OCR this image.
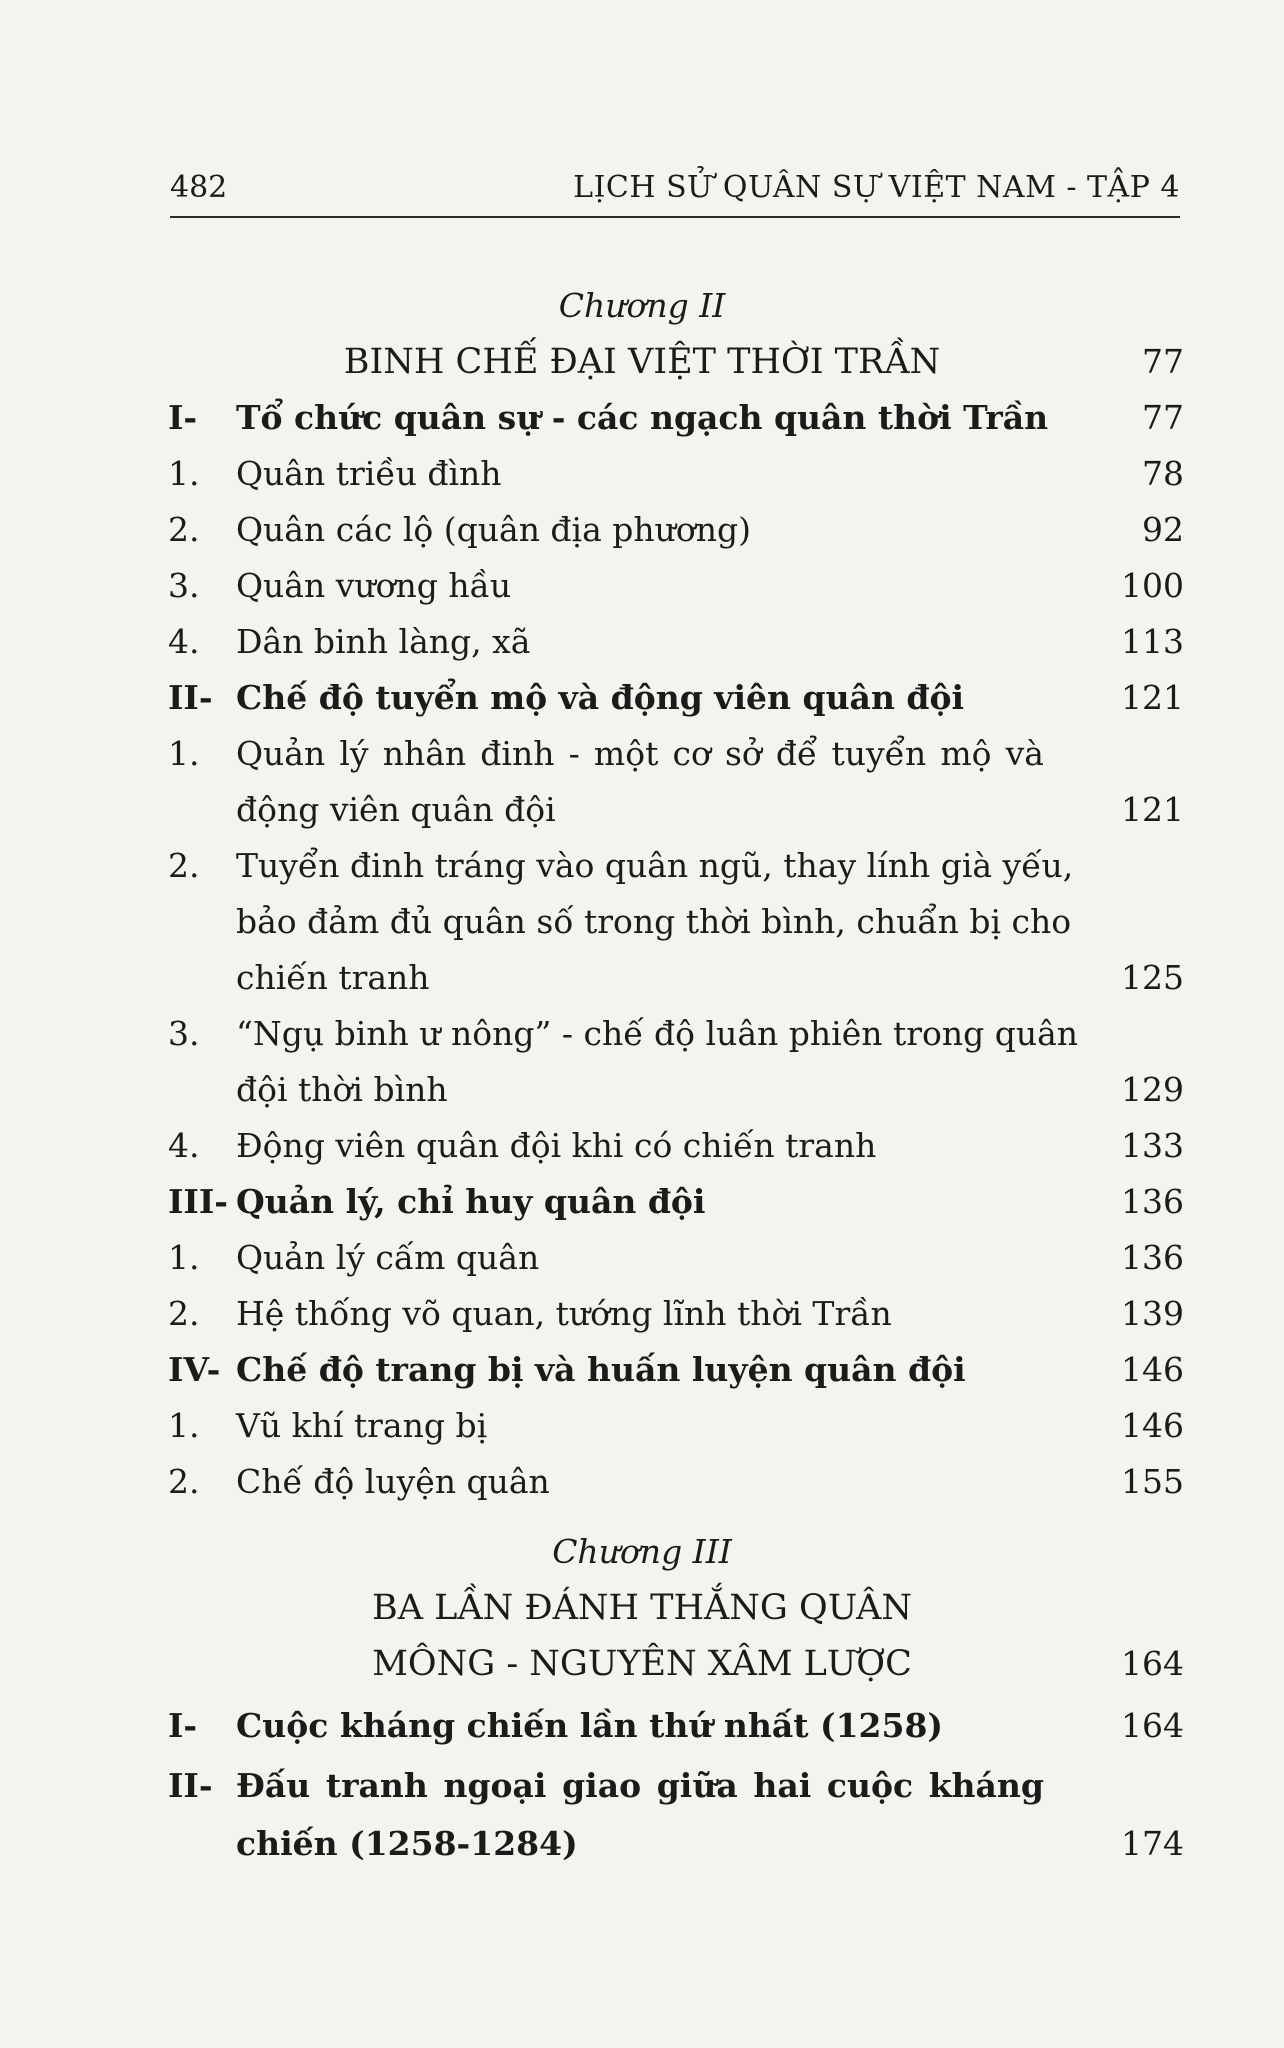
482	LỊCH SỬ QUÂN SỰ VIỆT NAM - TẬP 4
Chương II
BINH CHẾ ĐẠI VIỆT THỜI TRẦN	77
I- Tổ chức quân sự - các ngạch quân thời Trần	77
1. Quân triều đình	78
2. Quân các lộ (quân địa phương)	92
3. Quân vương hầu	100
4. Dân binh làng, xã	113
II- Chế độ tuyển mộ và động viên quân đội	121
1. Quản lý nhân đinh - một cơ sở để tuyển mộ và
động viên quân đội	121
2. Tuyển đinh tráng vào quân ngũ, thay lính già yếu,
bảo đảm đủ quân số trong thời bình, chuẩn bị cho
chiến tranh	125
3. “Ngụ binh ư nông” - chế độ luân phiên trong quân
đội thời bình	129
4. Động viên quân đội khi có chiến tranh	133
III- Quản lý, chỉ huy quân đội	136
1. Quản lý cấm quân	136
2. Hệ thống võ quan, tướng lĩnh thời Trần	139
IV- Chế độ trang bị và huấn luyện quân đội	146
1. Vũ khí trang bị	146
2. Chế độ luyện quân	155
Chương III
BA LẦN ĐÁNH THẮNG QUÂN
MÔNG - NGUYÊN XÂM LƯỢC	164
I- Cuộc kháng chiến lần thứ nhất (1258)	164
II- Đấu tranh ngoại giao giữa hai cuộc kháng
chiến (1258-1284)	174
